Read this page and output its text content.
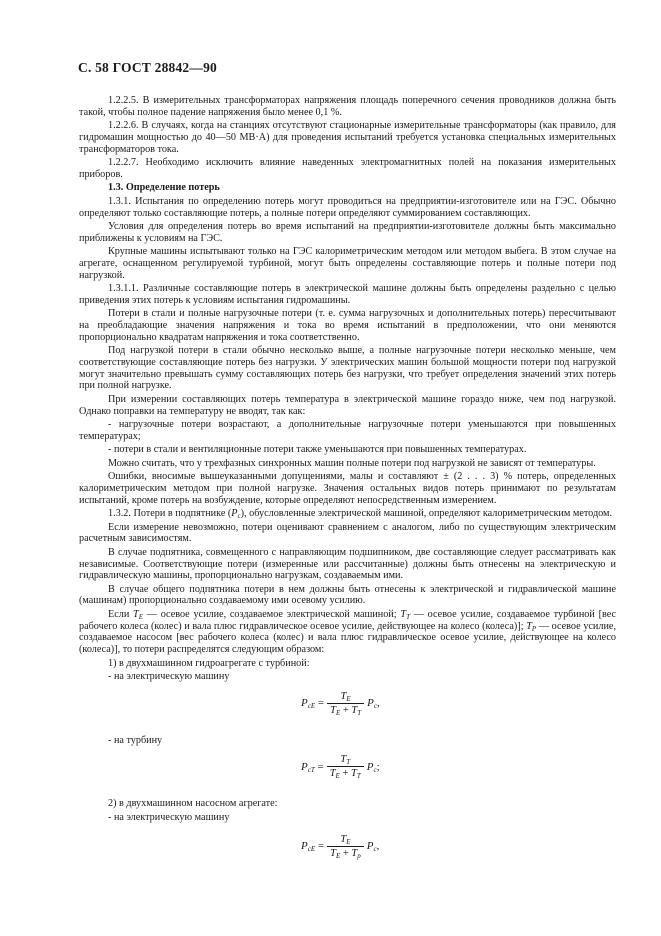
С. 58 ГОСТ 28842—90

1.2.2.5. В измерительных трансформаторах напряжения площадь поперечного сечения проводников должна быть такой, чтобы полное падение напряжения было менее 0,1 %.

1.2.2.6. В случаях, когда на станциях отсутствуют стационарные измерительные трансформаторы (как правило, для гидромашин мощностью до 40—50 МВ·А) для проведения испытаний требуется установка специальных измерительных трансформаторов тока.

1.2.2.7. Необходимо исключить влияние наведенных электромагнитных полей на показания измерительных приборов.

1.3. Определение потерь

1.3.1. Испытания по определению потерь могут проводиться на предприятии-изготовителе или на ГЭС. Обычно определяют только составляющие потерь, а полные потери определяют суммированием составляющих.

Условия для определения потерь во время испытаний на предприятии-изготовителе должны быть максимально приближены к условиям на ГЭС.

Крупные машины испытывают только на ГЭС калориметрическим методом или методом выбега. В этом случае на агрегате, оснащенном регулируемой турбиной, могут быть определены составляющие потерь и полные потери под нагрузкой.

1.3.1.1. Различные составляющие потерь в электрической машине должны быть определены раздельно с целью приведения этих потерь к условиям испытания гидромашины.

Потери в стали и полные нагрузочные потери (т. е. сумма нагрузочных и дополнительных потерь) пересчитывают на преобладающие значения напряжения и тока во время испытаний в предположении, что они меняются пропорционально квадратам напряжения и тока соответственно.

Под нагрузкой потери в стали обычно несколько выше, а полные нагрузочные потери несколько меньше, чем соответствующие составляющие потерь без нагрузки. У электрических машин большой мощности потери под нагрузкой могут значительно превышать сумму составляющих потерь без нагрузки, что требует определения значений этих потерь при полной нагрузке.

При измерении составляющих потерь температура в электрической машине гораздо ниже, чем под нагрузкой. Однако поправки на температуру не вводят, так как:

- нагрузочные потери возрастают, а дополнительные нагрузочные потери уменьшаются при повышенных температурах;

- потери в стали и вентиляционные потери также уменьшаются при повышенных температурах.

Можно считать, что у трехфазных синхронных машин полные потери под нагрузкой не зависят от температуры.

Ошибки, вносимые вышеуказанными допущениями, малы и составляют ± (2 . . . 3) % потерь, определенных калориметрическим методом при полной нагрузке. Значения остальных видов потерь принимают по результатам испытаний, кроме потерь на возбуждение, которые определяют непосредственным измерением.

1.3.2. Потери в подпятнике $(P_c)$, обусловленные электрической машиной, определяют калориметрическим методом.

Если измерение невозможно, потери оценивают сравнением с аналогом, либо по существующим электрическим расчетным зависимостям.

В случае подпятника, совмещенного с направляющим подшипником, две составляющие следует рассматривать как независимые. Соответствующие потери (измеренные или рассчитанные) должны быть отнесены на электрическую и гидравлическую машины, пропорционально нагрузкам, создаваемым ими.

В случае общего подпятника потери в нем должны быть отнесены к электрической и гидравлической машине (машинам) пропорционально создаваемому ими осевому усилию.

Если $T_E$ — осевое усилие, создаваемое электрической машиной; $T_T$ — осевое усилие, создаваемое турбиной [вес рабочего колеса (колес) и вала плюс гидравлическое осевое усилие, действующее на колесо (колеса)]; $T_P$ — осевое усилие, создаваемое насосом [вес рабочего колеса (колес) и вала плюс гидравлическое осевое усилие, действующее на колесо (колеса)], то потери распределятся следующим образом:

1) в двухмашинном гидроагрегате с турбиной:

- на электрическую машину

$P_{cE} = \frac{T_E}{T_E + T_T} P_c$,

- на турбину

$P_{cT} = \frac{T_T}{T_E + T_T} P_c$;

2) в двухмашинном насосном агрегате:

- на электрическую машину

$P_{cE} = \frac{T_E}{T_E + T_p} P_c$,
